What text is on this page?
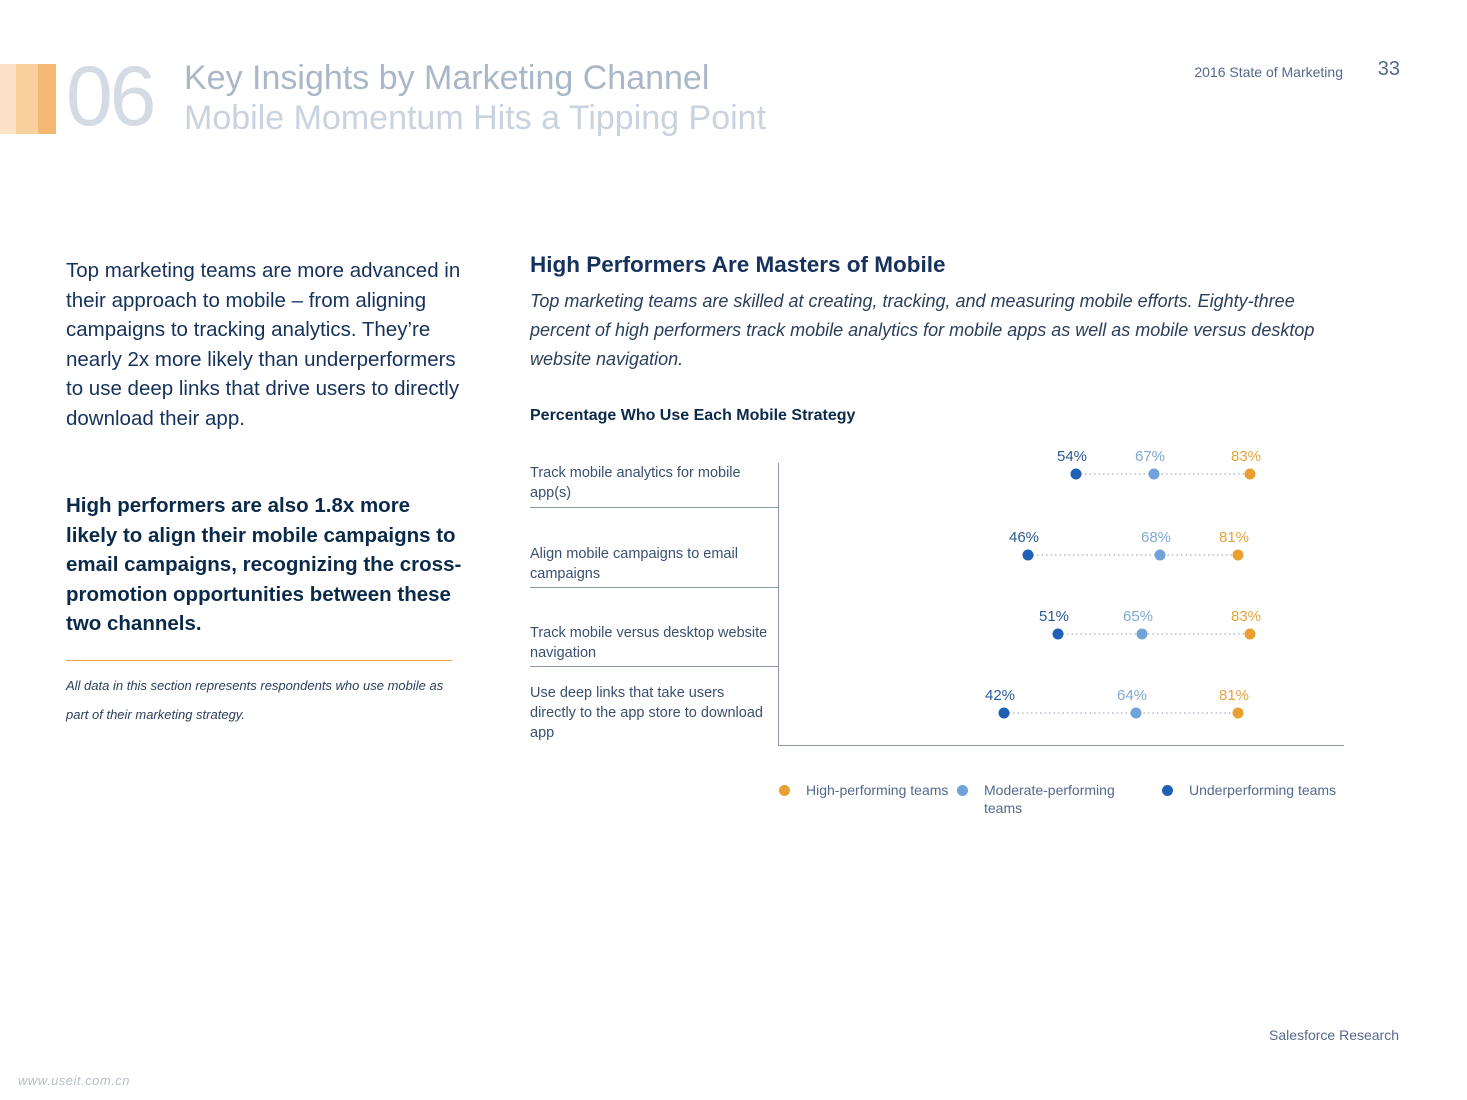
06 Key Insights by Marketing Channel
Mobile Momentum Hits a Tipping Point
2016 State of Marketing 33
Top marketing teams are more advanced in their approach to mobile – from aligning campaigns to tracking analytics. They’re nearly 2x more likely than underperformers to use deep links that drive users to directly download their app.
High performers are also 1.8x more likely to align their mobile campaigns to email campaigns, recognizing the cross-promotion opportunities between these two channels.
All data in this section represents respondents who use mobile as part of their marketing strategy.
High Performers Are Masters of Mobile
Top marketing teams are skilled at creating, tracking, and measuring mobile efforts. Eighty-three percent of high performers track mobile analytics for mobile apps as well as mobile versus desktop website navigation.
Percentage Who Use Each Mobile Strategy
Track mobile analytics for mobile app(s)
Align mobile campaigns to email campaigns
Track mobile versus desktop website navigation
Use deep links that take users directly to the app store to download app
54%
46%
51%
42%
67%
68%
65%
64%
83%
81%
83%
81%
High-performing teams	Moderate-performing teams
Underperforming teams
Salesforce Research
www.useit.com.cn
